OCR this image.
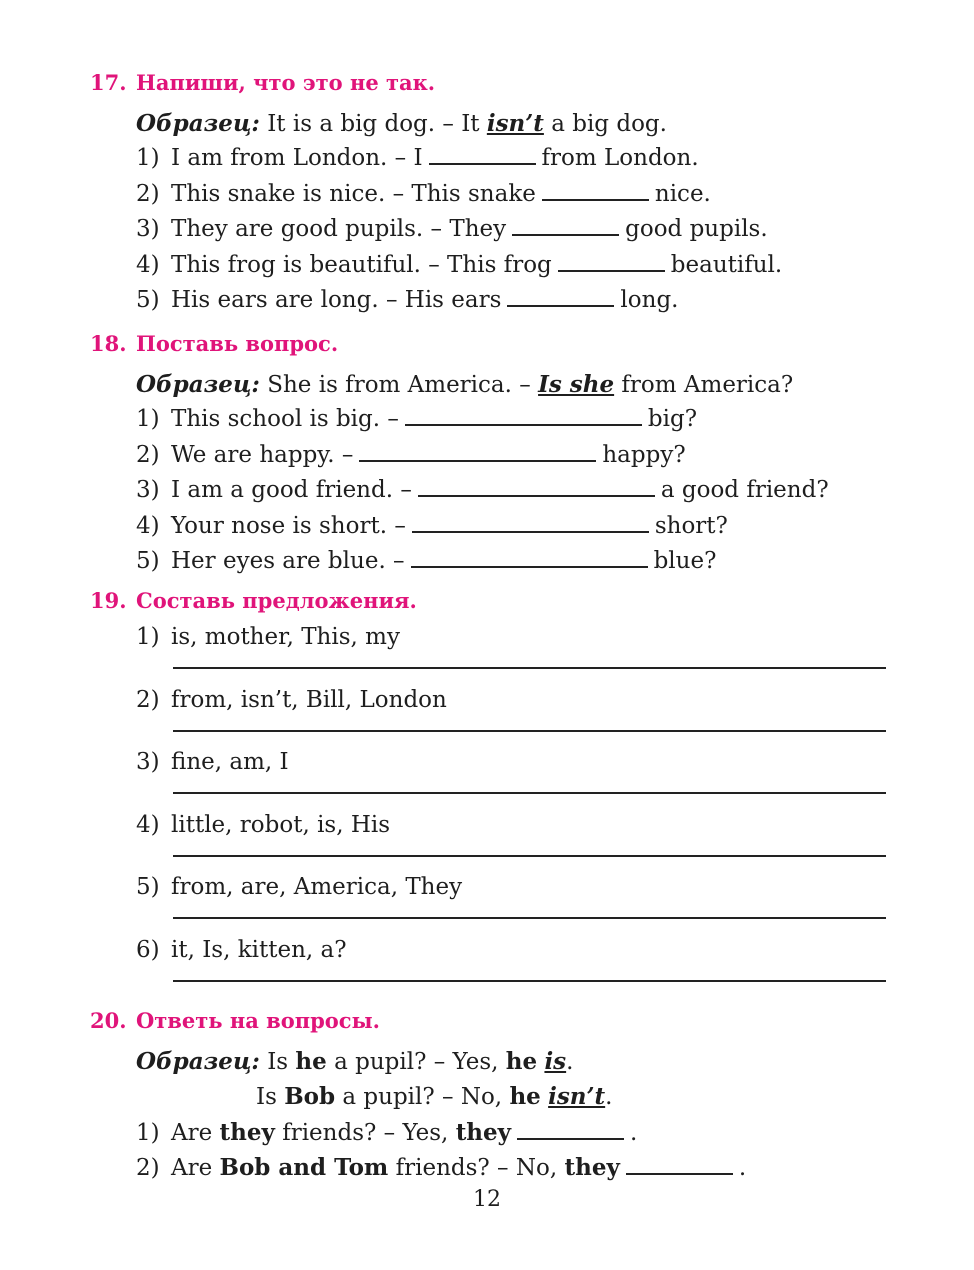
17. Напиши, что это не так.
Образец: It is a big dog. – It isn’t a big dog.
1) I am from London. – I	from London.
2) This snake is nice. – This snake	nice.
3) They are good pupils. – They	good pupils.
4) This frog is beautiful. – This frog	beautiful.
5) His ears are long. – His ears	long.
18. Поставь вопрос.
Образец: She is from America. – Is she from America?
1) This school is big. –	big?
2) We are happy. –	happy?
3) I am a good friend. –	a good friend?
4) Your nose is short. –	short?
5) Her eyes are blue. –	blue?
19. Составь предложения.
1) is, mother, This, my
2) from, isn’t, Bill, London
3) fine, am, I
4) little, robot, is, His
5) from, are, America, They
6) it, Is, kitten, a?
20. Ответь на вопросы.
Образец: Is he a pupil? – Yes, he is.
Is Bob a pupil? – No, he isn’t.
1) Are they friends? – Yes, they	.
2) Are Bob and Tom friends? – No, they	.
12
